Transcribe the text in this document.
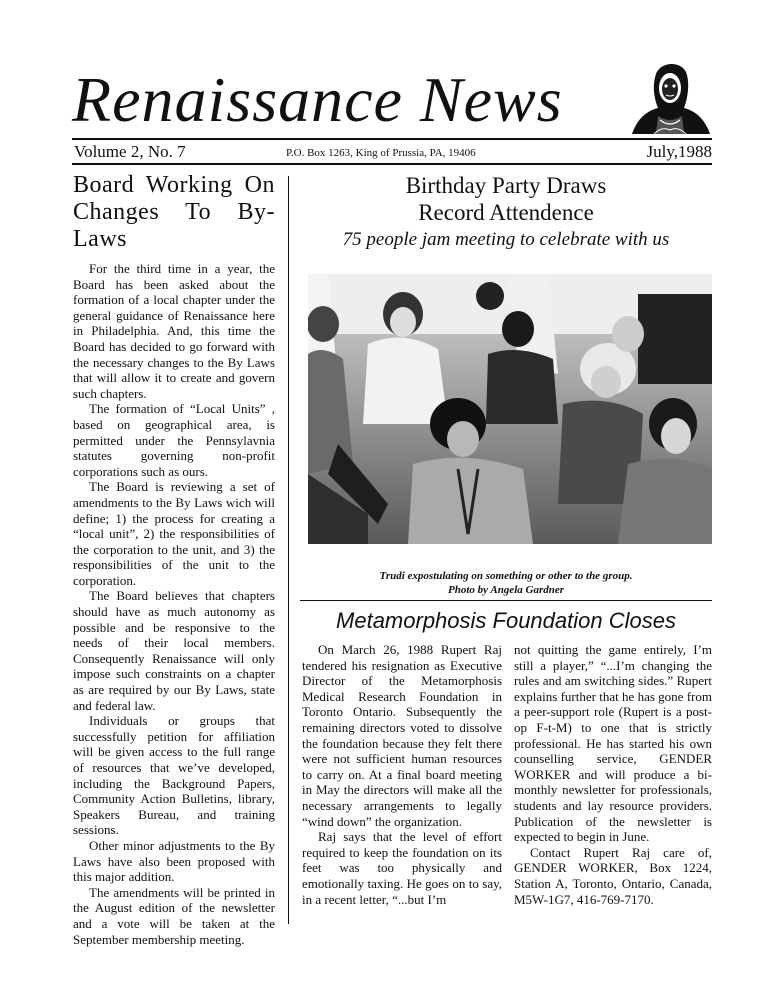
Renaissance News
Volume 2, No. 7	P.O. Box 1263, King of Prussia, PA, 19406	July,1988
Board Working On Changes To By-Laws

For the third time in a year, the Board has been asked about the formation of a local chapter under the general guidance of Renaissance here in Philadelphia. And, this time the Board has decided to go forward with the necessary changes to the By Laws that will allow it to create and govern such chapters.

The formation of “Local Units” , based on geographical area, is permitted under the Pennsylavnia statutes governing non-profit corporations such as ours.

The Board is reviewing a set of amendments to the By Laws wich will define; 1) the process for creating a “local unit”, 2) the responsibilities of the corporation to the unit, and 3) the responsibilities of the unit to the corporation.

The Board believes that chapters should have as much autonomy as possible and be responsive to the needs of their local members. Consequently Renaissance will only impose such constraints on a chapter as are required by our By Laws, state and federal law.

Individuals or groups that successfully petition for affiliation will be given access to the full range of resources that we’ve developed, including the Background Papers, Community Action Bulletins, library, Speakers Bureau, and training sessions.

Other minor adjustments to the By Laws have also been proposed with this major addition.

The amendments will be printed in the August edition of the newsletter and a vote will be taken at the September membership meeting.

Birthday Party Draws
Record Attendence
75 people jam meeting to celebrate with us
Trudi expostulating on something or other to the group.
Photo by Angela Gardner
Metamorphosis Foundation Closes

On March 26, 1988 Rupert Raj tendered his resignation as Executive Director of the Metamorphosis Medical Research Foundation in Toronto Ontario. Subsequently the remaining directors voted to dissolve the foundation because they felt there were not sufficient human resources to carry on. At a final board meeting in May the directors will make all the necessary arrangements to legally “wind down” the organization.

Raj says that the level of effort required to keep the foundation on its feet was too physically and emotionally taxing. He goes on to say, in a recent letter, “...but I’m

not quitting the game entirely, I’m still a player,” “...I’m changing the rules and am switching sides.” Rupert explains further that he has gone from a peer-support role (Rupert is a post-op F-t-M) to one that is strictly professional. He has started his own counselling service, GENDER WORKER and will produce a bi-monthly newsletter for professionals, students and lay resource providers. Publication of the newsletter is expected to begin in June.

Contact Rupert Raj care of, GENDER WORKER, Box 1224, Station A, Toronto, Ontario, Canada, M5W-1G7, 416-769-7170.
